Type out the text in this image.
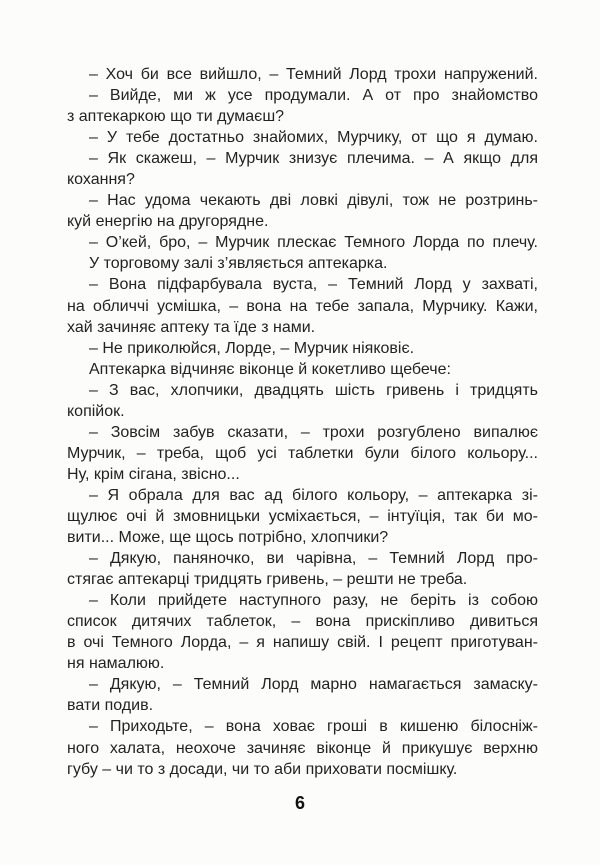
– Хоч би все вийшло, – Темний Лорд трохи напружений.
– Вийде, ми ж усе продумали. А от про знайомство
з аптекаркою що ти думаєш?
– У тебе достатньо знайомих, Мурчику, от що я думаю.
– Як скажеш, – Мурчик знизує плечима. – А якщо для
кохання?
– Нас удома чекають дві ловкі дівулі, тож не розтринь-
куй енергію на другорядне.
– О’кей, бро, – Мурчик плескає Темного Лорда по плечу.
У торговому залі з’являється аптекарка.
– Вона підфарбувала вуста, – Темний Лорд у захваті,
на обличчі усмішка, – вона на тебе запала, Мурчику. Кажи,
хай зачиняє аптеку та їде з нами.
– Не приколюйся, Лорде, – Мурчик ніяковіє.
Аптекарка відчиняє віконце й кокетливо щебече:
– З вас, хлопчики, двадцять шість гривень і тридцять
копійок.
– Зовсім забув сказати, – трохи розгублено випалює
Мурчик, – треба, щоб усі таблетки були білого кольору...
Ну, крім сігана, звісно...
– Я обрала для вас ад білого кольору, – аптекарка зі-
щулює очі й змовницьки усміхається, – інтуїція, так би мо-
вити... Може, ще щось потрібно, хлопчики?
– Дякую, паняночко, ви чарівна, – Темний Лорд про-
стягає аптекарці тридцять гривень, – решти не треба.
– Коли прийдете наступного разу, не беріть із собою
список дитячих таблеток, – вона прискіпливо дивиться
в очі Темного Лорда, – я напишу свій. І рецепт приготуван-
ня намалюю.
– Дякую, – Темний Лорд марно намагається замаску-
вати подив.
– Приходьте, – вона ховає гроші в кишеню білосніж-
ного халата, неохоче зачиняє віконце й прикушує верхню
губу – чи то з досади, чи то аби приховати посмішку.
6
